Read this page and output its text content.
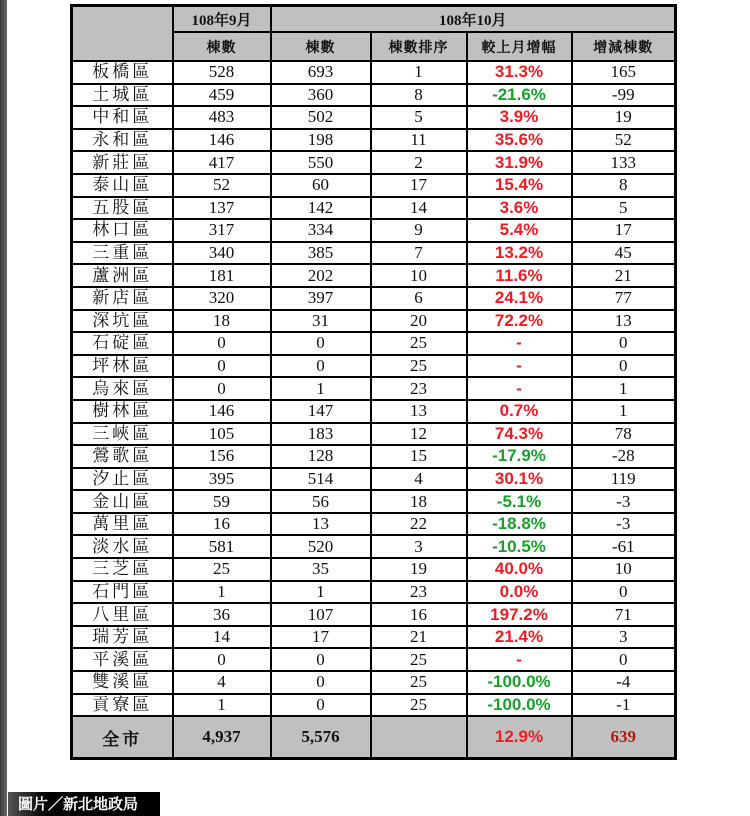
	108年9月	108年10月			
	棟數	棟數	棟數排序	較上月增幅	增減棟數
板橋區	528	693	1	31.3%	165
土城區	459	360	8	-21.6%	-99
中和區	483	502	5	3.9%	19
永和區	146	198	11	35.6%	52
新莊區	417	550	2	31.9%	133
泰山區	52	60	17	15.4%	8
五股區	137	142	14	3.6%	5
林口區	317	334	9	5.4%	17
三重區	340	385	7	13.2%	45
蘆洲區	181	202	10	11.6%	21
新店區	320	397	6	24.1%	77
深坑區	18	31	20	72.2%	13
石碇區	0	0	25	-	0
坪林區	0	0	25	-	0
烏來區	0	1	23	-	1
樹林區	146	147	13	0.7%	1
三峽區	105	183	12	74.3%	78
鶯歌區	156	128	15	-17.9%	-28
汐止區	395	514	4	30.1%	119
金山區	59	56	18	-5.1%	-3
萬里區	16	13	22	-18.8%	-3
淡水區	581	520	3	-10.5%	-61
三芝區	25	35	19	40.0%	10
石門區	1	1	23	0.0%	0
八里區	36	107	16	197.2%	71
瑞芳區	14	17	21	21.4%	3
平溪區	0	0	25	-	0
雙溪區	4	0	25	-100.0%	-4
貢寮區	1	0	25	-100.0%	-1
全市	4,937	5,576		12.9%	639
圖片／新北地政局
